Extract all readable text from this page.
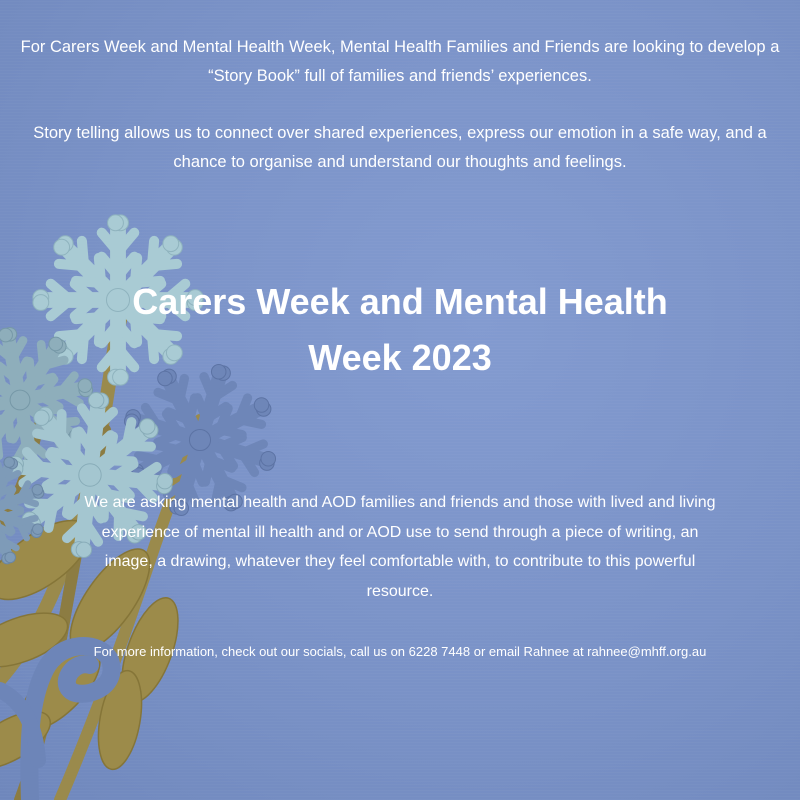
For Carers Week and Mental Health Week, Mental Health Families and Friends are looking to develop a “Story Book” full of families and friends’ experiences.

Story telling allows us to connect over shared experiences, express our emotion in a safe way, and a chance to organise and understand our thoughts and feelings.

Carers Week and Mental Health Week 2023

We are asking mental health and AOD families and friends and those with lived and living experience of mental ill health and or AOD use to send through a piece of writing, an image, a drawing, whatever they feel comfortable with, to contribute to this powerful resource.

For more information, check out our socials, call us on 6228 7448 or email Rahnee at rahnee@mhff.org.au
